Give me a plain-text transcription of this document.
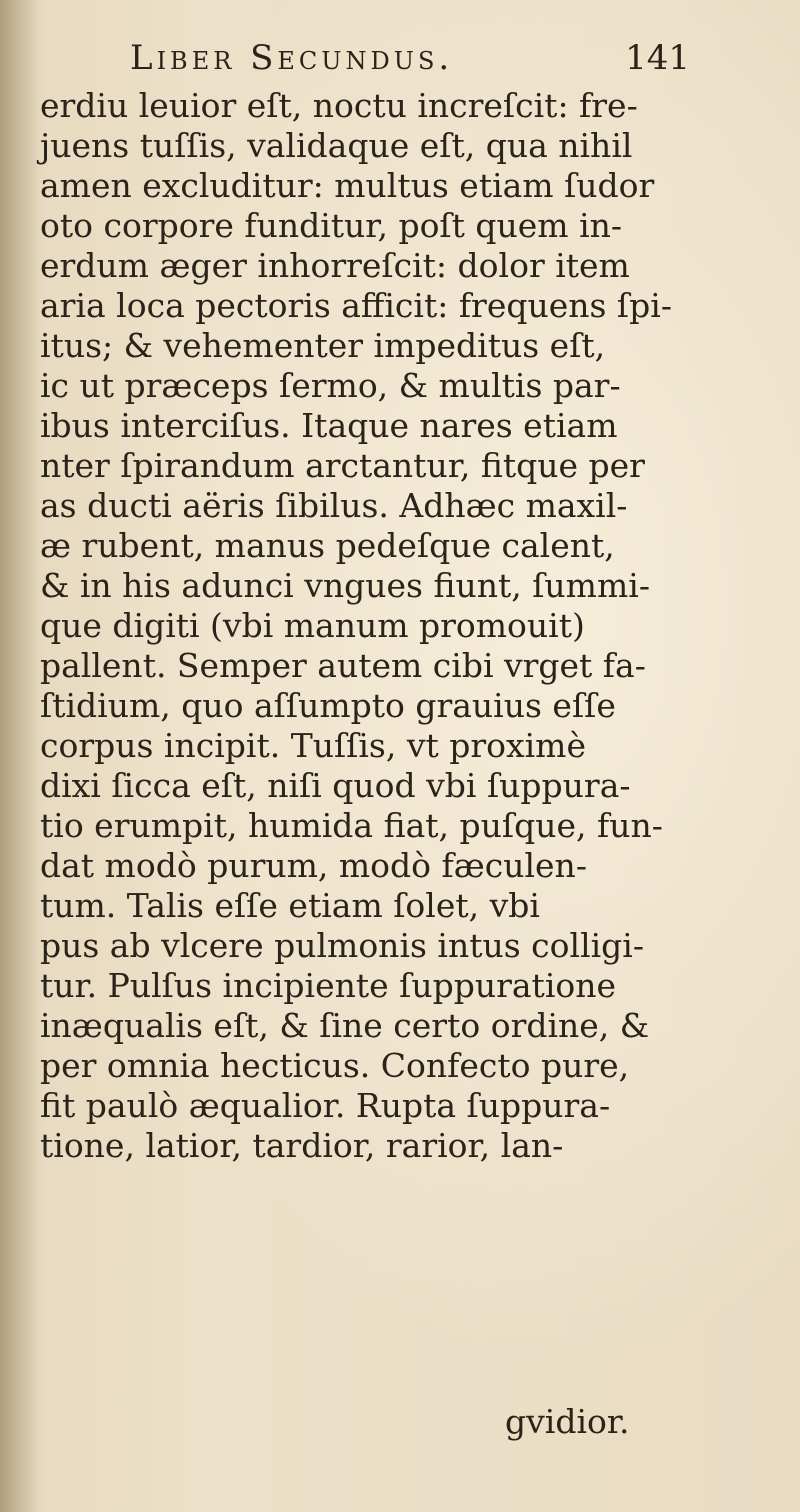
Liber Secundus.	141
erdiu leuior eſt, noctu increſcit: fre-
juens tuſſis, validaque eſt, qua nihil
amen excluditur: multus etiam ſudor
oto corpore funditur, poſt quem in-
erdum æger inhorreſcit: dolor item
aria loca pectoris afficit: frequens ſpi-
itus; & vehementer impeditus eſt,
ic ut præceps ſermo, & multis par-
ibus interciſus. Itaque nares etiam
nter ſpirandum arctantur, fitque per
as ducti aëris ſibilus. Adhæc maxil-
æ rubent, manus pedeſque calent,
& in his adunci vngues fiunt, ſummi-
que digiti (vbi manum promouit)
pallent. Semper autem cibi vrget fa-
ſtidium, quo aſſumpto grauius eſſe
corpus incipit. Tuſſis, vt proximè
dixi ſicca eſt, niſi quod vbi ſuppura-
tio erumpit, humida fiat, puſque, fun-
dat modò purum, modò fæculen-
tum. Talis eſſe etiam ſolet, vbi
pus ab vlcere pulmonis intus colligi-
tur. Pulſus incipiente ſuppuratione
inæqualis eſt, & ſine certo ordine, &
per omnia hecticus. Confecto pure,
fit paulò æqualior. Rupta ſuppura-
tione, latior, tardior, rarior, lan-
gvidior.
